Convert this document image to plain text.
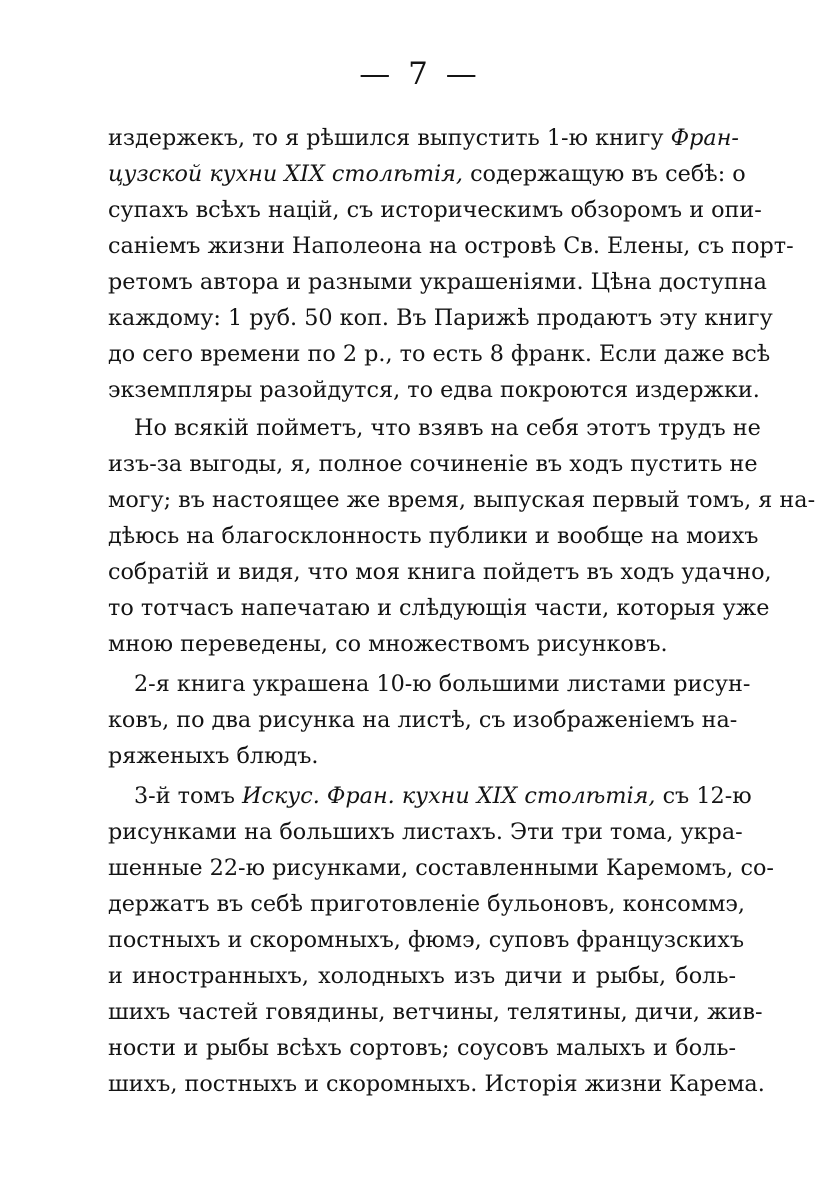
— 7 —
издержекъ, то я рѣшился выпустить 1-ю книгу Фран-
цузской кухни XIX столѣтія, содержащую въ себѣ: о
супахъ всѣхъ націй, съ историческимъ обзоромъ и опи-
саніемъ жизни Наполеона на островѣ Св. Елены, съ порт-
ретомъ автора и разными украшеніями. Цѣна доступна
каждому: 1 руб. 50 коп. Въ Парижѣ продаютъ эту книгу
до сего времени по 2 р., то есть 8 франк. Если даже всѣ
экземпляры разойдутся, то едва покроются издержки.
Но всякій пойметъ, что взявъ на себя этотъ трудъ не
изъ-за выгоды, я, полное сочиненіе въ ходъ пустить не
могу; въ настоящее же время, выпуская первый томъ, я на-
дѣюсь на благосклонность публики и вообще на моихъ
собратій и видя, что моя книга пойдетъ въ ходъ удачно,
то тотчасъ напечатаю и слѣдующія части, которыя уже
мною переведены, со множествомъ рисунковъ.
2-я книга украшена 10-ю большими листами рисун-
ковъ, по два рисунка на листѣ, съ изображеніемъ на-
ряженыхъ блюдъ.
3-й томъ Искус. Фран. кухни XIX столѣтія, съ 12-ю
рисунками на большихъ листахъ. Эти три тома, укра-
шенные 22-ю рисунками, составленными Каремомъ, со-
держатъ въ себѣ приготовленіе бульоновъ, консоммэ,
постныхъ и скоромныхъ, фюмэ, суповъ французскихъ
и иностранныхъ, холодныхъ изъ дичи и рыбы, боль-
шихъ частей говядины, ветчины, телятины, дичи, жив-
ности и рыбы всѣхъ сортовъ; соусовъ малыхъ и боль-
шихъ, постныхъ и скоромныхъ. Исторія жизни Карема.
